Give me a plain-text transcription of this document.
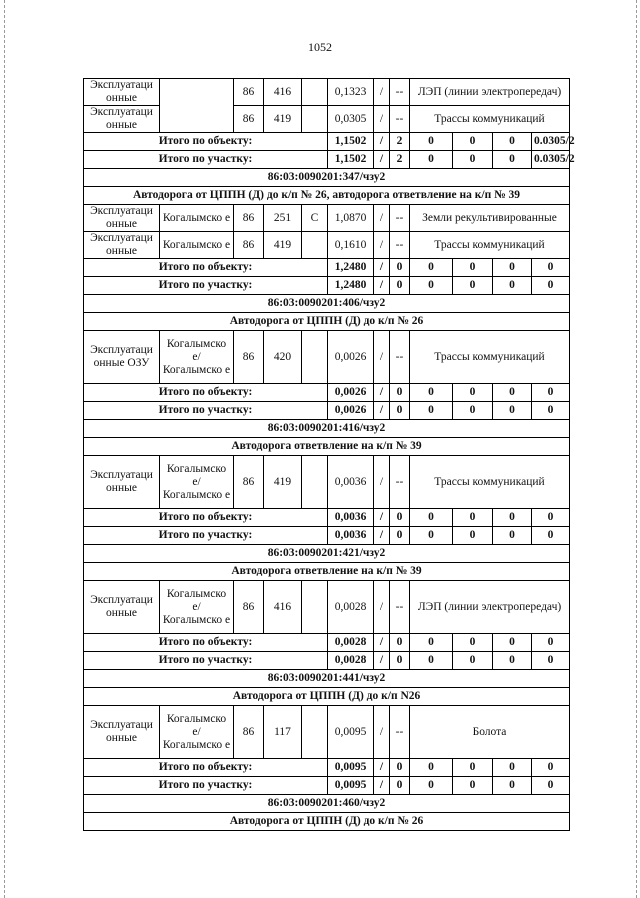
1052
Эксплуатаци онные		86	416		0,1323	/	--	ЛЭП (линии электропередач)			
Эксплуатаци онные		86	419		0,0305	/	--	Трассы коммуникаций			
Итого по объекту:					1,1502	/	2	0	0	0	0.0305/2
Итого по участку:					1,1502	/	2	0	0	0	0.0305/2
86:03:0090201:347/чзу2											
Автодорога от ЦППН (Д) до к/п № 26, автодорога ответвление на к/п № 39											
Эксплуатаци онные	Когалымско е	86	251	С	1,0870	/	--	Земли рекультивированные			
Эксплуатаци онные	Когалымско е	86	419		0,1610	/	--	Трассы коммуникаций			
Итого по объекту:					1,2480	/	0	0	0	0	0
Итого по участку:					1,2480	/	0	0	0	0	0
86:03:0090201:406/чзу2											
Автодорога от ЦППН (Д) до к/п № 26											
Эксплуатаци онные ОЗУ	Когалымско е/ Когалымско е	86	420		0,0026	/	--	Трассы коммуникаций			
Итого по объекту:					0,0026	/	0	0	0	0	0
Итого по участку:					0,0026	/	0	0	0	0	0
86:03:0090201:416/чзу2											
Автодорога ответвление на к/п № 39											
Эксплуатаци онные	Когалымско е/ Когалымско е	86	419		0,0036	/	--	Трассы коммуникаций			
Итого по объекту:					0,0036	/	0	0	0	0	0
Итого по участку:					0,0036	/	0	0	0	0	0
86:03:0090201:421/чзу2											
Автодорога ответвление на к/п № 39											
Эксплуатаци онные	Когалымско е/ Когалымско е	86	416		0,0028	/	--	ЛЭП (линии электропередач)			
Итого по объекту:					0,0028	/	0	0	0	0	0
Итого по участку:					0,0028	/	0	0	0	0	0
86:03:0090201:441/чзу2											
Автодорога от ЦППН (Д) до к/п N26											
Эксплуатаци онные	Когалымско е/ Когалымско е	86	117		0,0095	/	--	Болота			
Итого по объекту:					0,0095	/	0	0	0	0	0
Итого по участку:					0,0095	/	0	0	0	0	0
86:03:0090201:460/чзу2											
Автодорога от ЦППН (Д) до к/п № 26											
